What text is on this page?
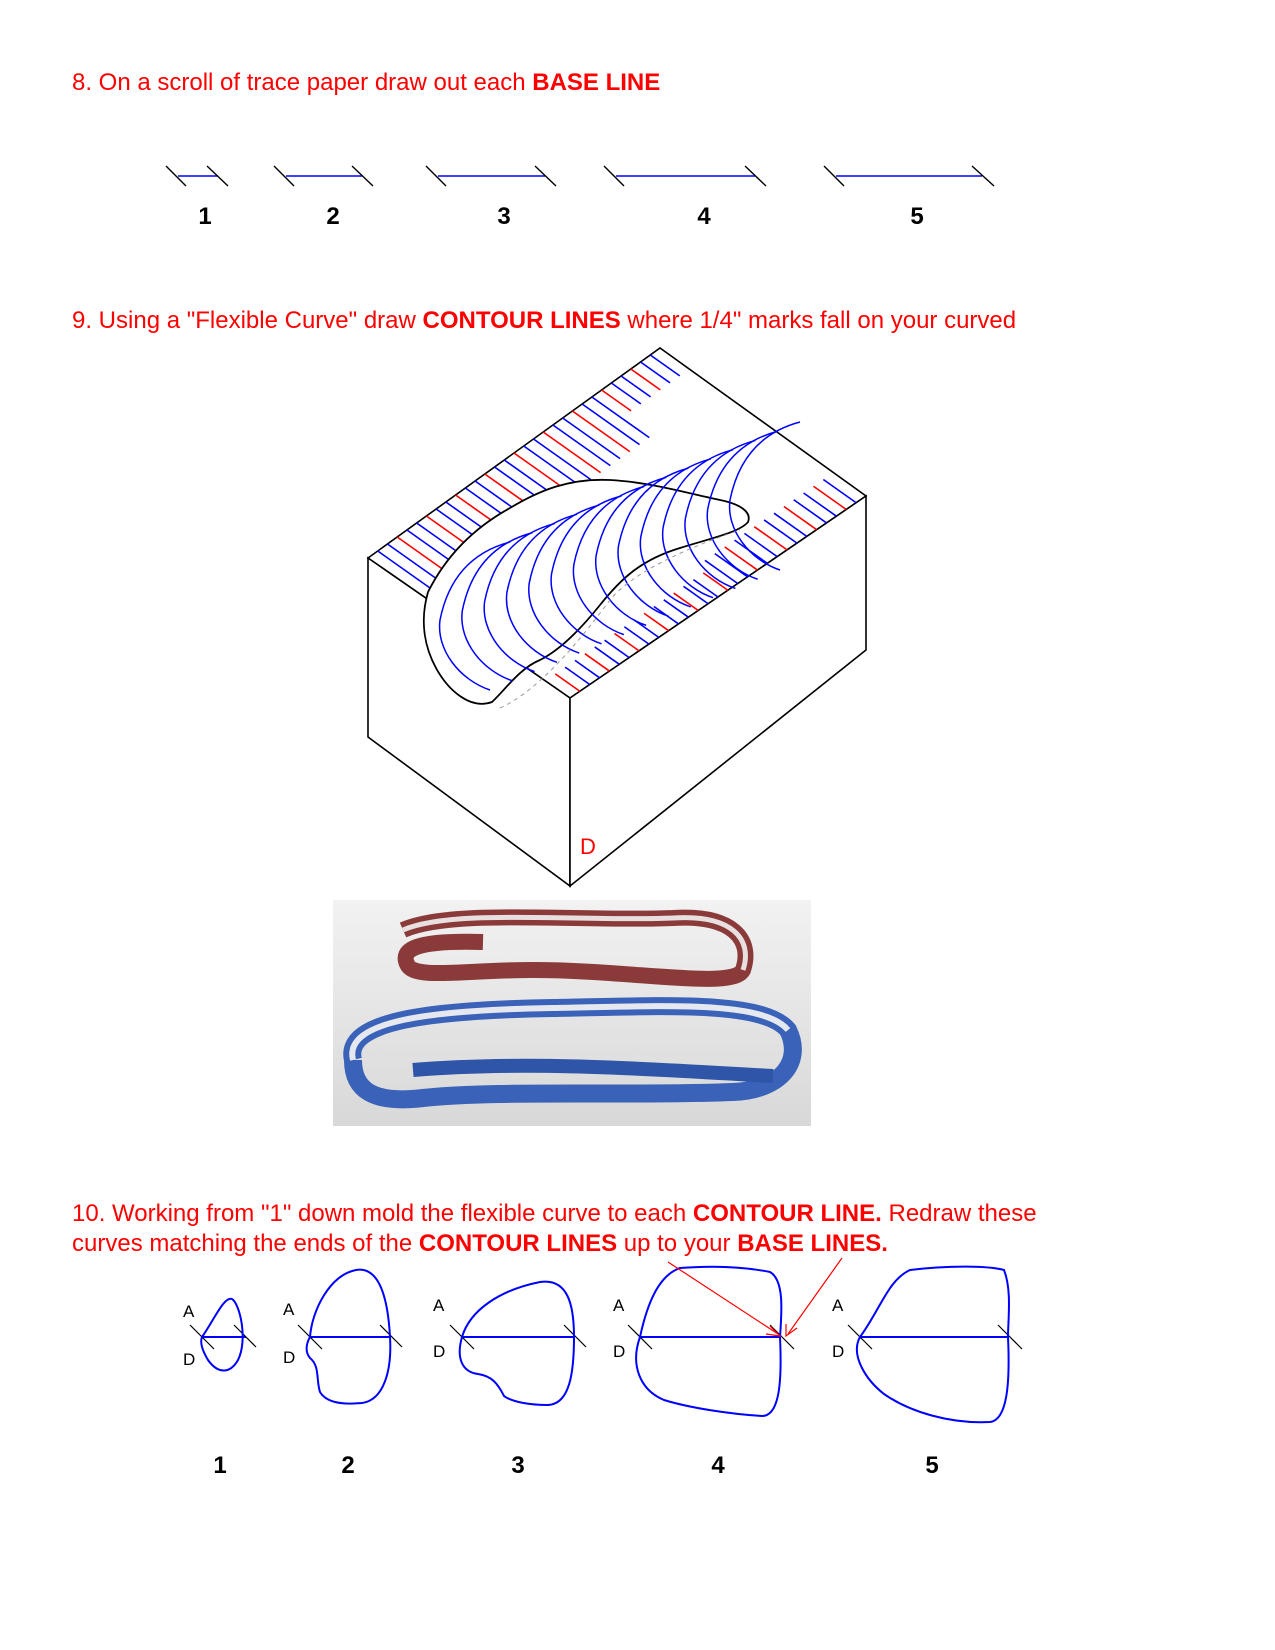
8. On a scroll of trace paper draw out each BASE LINE

1	2	3	4	5

9. Using a "Flexible Curve" draw CONTOUR LINES where 1/4" marks fall on your curved

D

10. Working from "1" down mold the flexible curve to each CONTOUR LINE. Redraw these

curves matching the ends of the CONTOUR LINES up to your BASE LINES.

A
D
A
D
A
D
A
D
A
D
1	2	3	4	5
